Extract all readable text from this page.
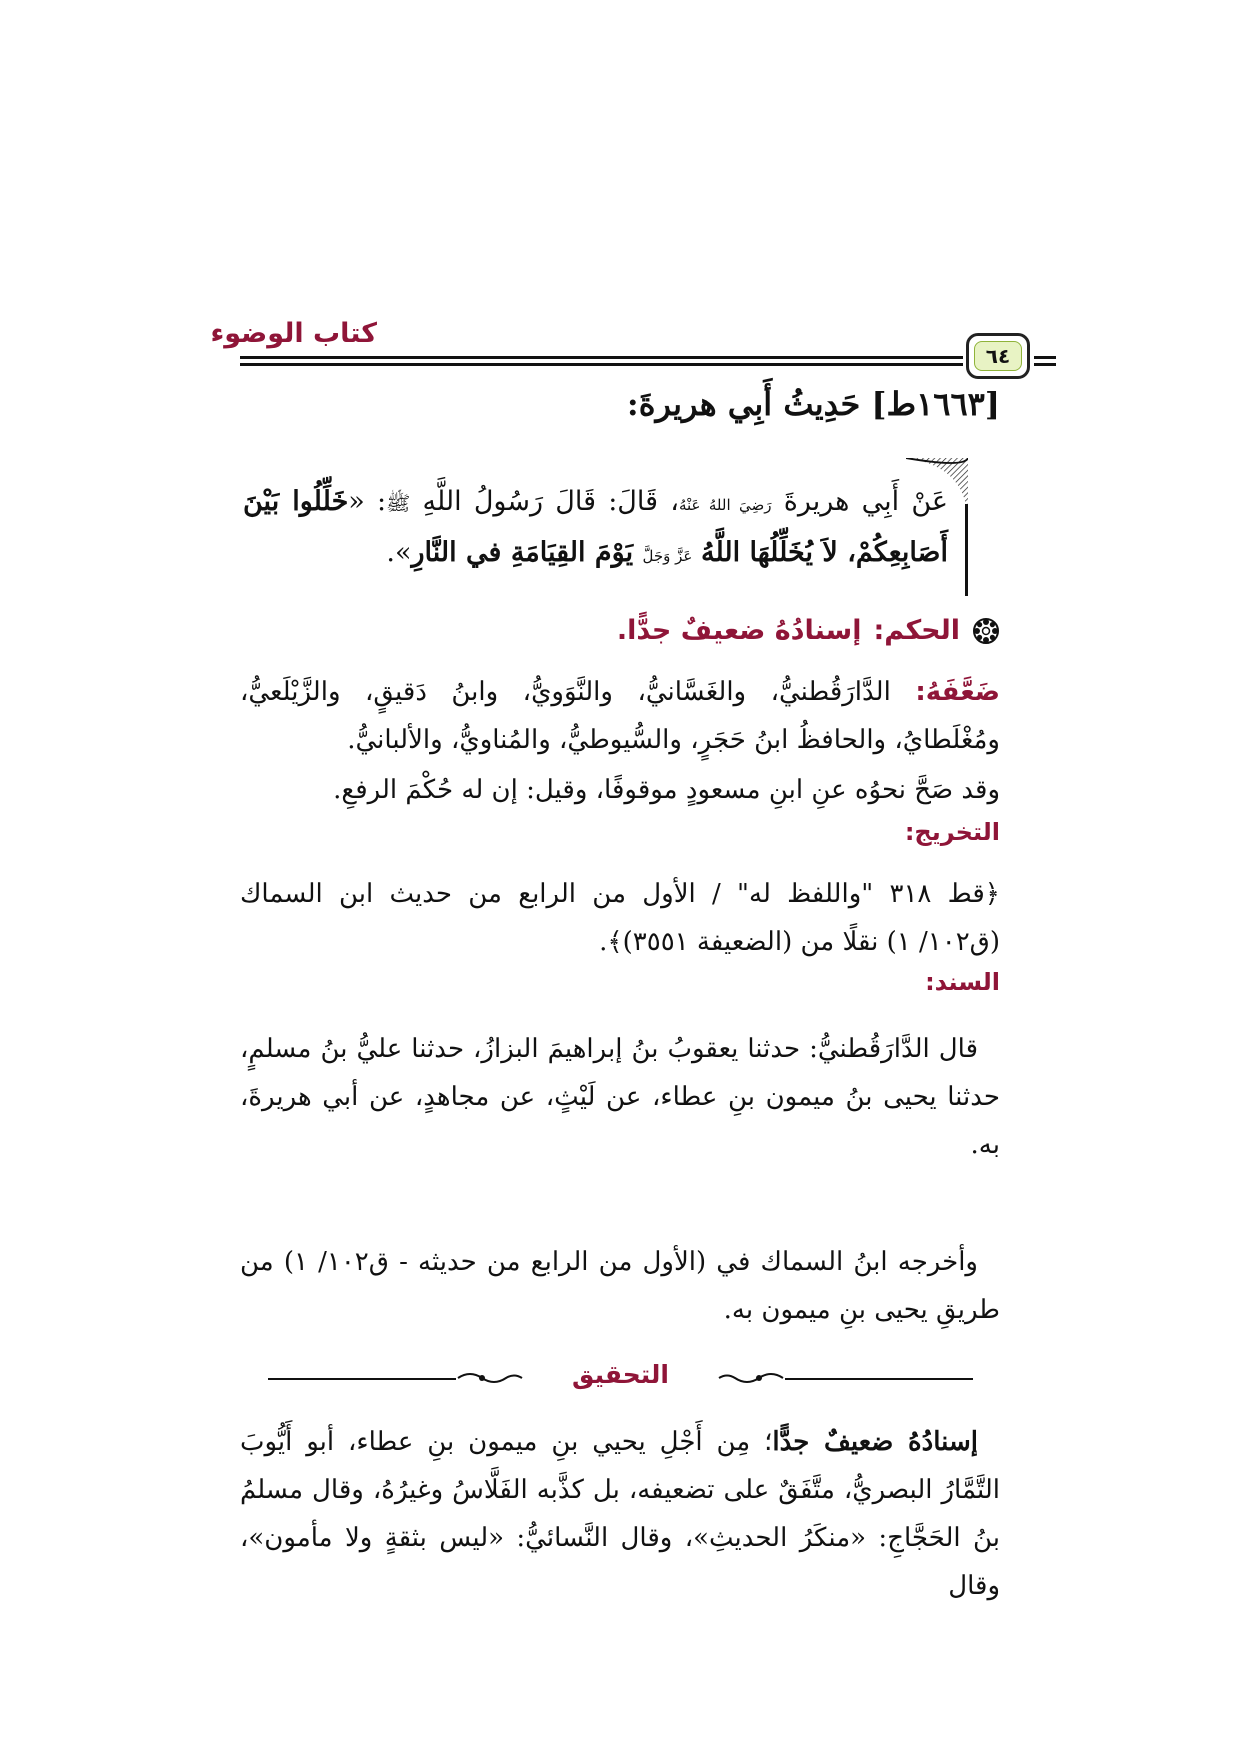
كتاب الوضوء
٦٤
[١٦٦٣ط] حَدِيثُ أَبِي هريرةَ:
عَنْ أَبِي هريرةَ رَضِيَ اللهُ عَنْهُ، قَالَ: قَالَ رَسُولُ اللَّهِ ﷺ: «خَلِّلُوا بَيْنَ أَصَابِعِكُمْ، لاَ يُخَلِّلُهَا اللَّهُ عَزَّ وَجَلَّ يَوْمَ القِيَامَةِ في النَّارِ».
الحكم:
إسنادُهُ ضعيفٌ جدًّا.
ضَعَّفَهُ: الدَّارَقُطنيُّ، والغَسَّانيُّ، والنَّوَويُّ، وابنُ دَقيقٍ، والزَّيْلَعيُّ، ومُغْلَطايُ، والحافظُ ابنُ حَجَرٍ، والسُّيوطيُّ، والمُناويُّ، والألبانيُّ.
وقد صَحَّ نحوُه عنِ ابنِ مسعودٍ موقوفًا، وقيل: إن له حُكْمَ الرفعِ.
التخريج:
﴿قط ٣١٨ "واللفظ له" / الأول من الرابع من حديث ابن السماك (ق١٠٢/ ١) نقلًا من (الضعيفة ٣٥٥١)﴾.
السند:
قال الدَّارَقُطنيُّ: حدثنا يعقوبُ بنُ إبراهيمَ البزازُ، حدثنا عليُّ بنُ مسلمٍ، حدثنا يحيى بنُ ميمون بنِ عطاء، عن لَيْثٍ، عن مجاهدٍ، عن أبي هريرةَ، به.
وأخرجه ابنُ السماك في (الأول من الرابع من حديثه - ق١٠٢/ ١) من طريقِ يحيى بنِ ميمون به.
التحقيق
إسنادُهُ ضعيفٌ جدًّا؛ مِن أَجْلِ يحيي بنِ ميمون بنِ عطاء، أبو أَيُّوبَ التَّمَّارُ البصريُّ، متَّفَقٌ على تضعيفه، بل كذَّبه الفَلَّاسُ وغيرُهُ، وقال مسلمُ بنُ الحَجَّاجِ: «منكَرُ الحديثِ»، وقال النَّسائيُّ: «ليس بثقةٍ ولا مأمون»، وقال
